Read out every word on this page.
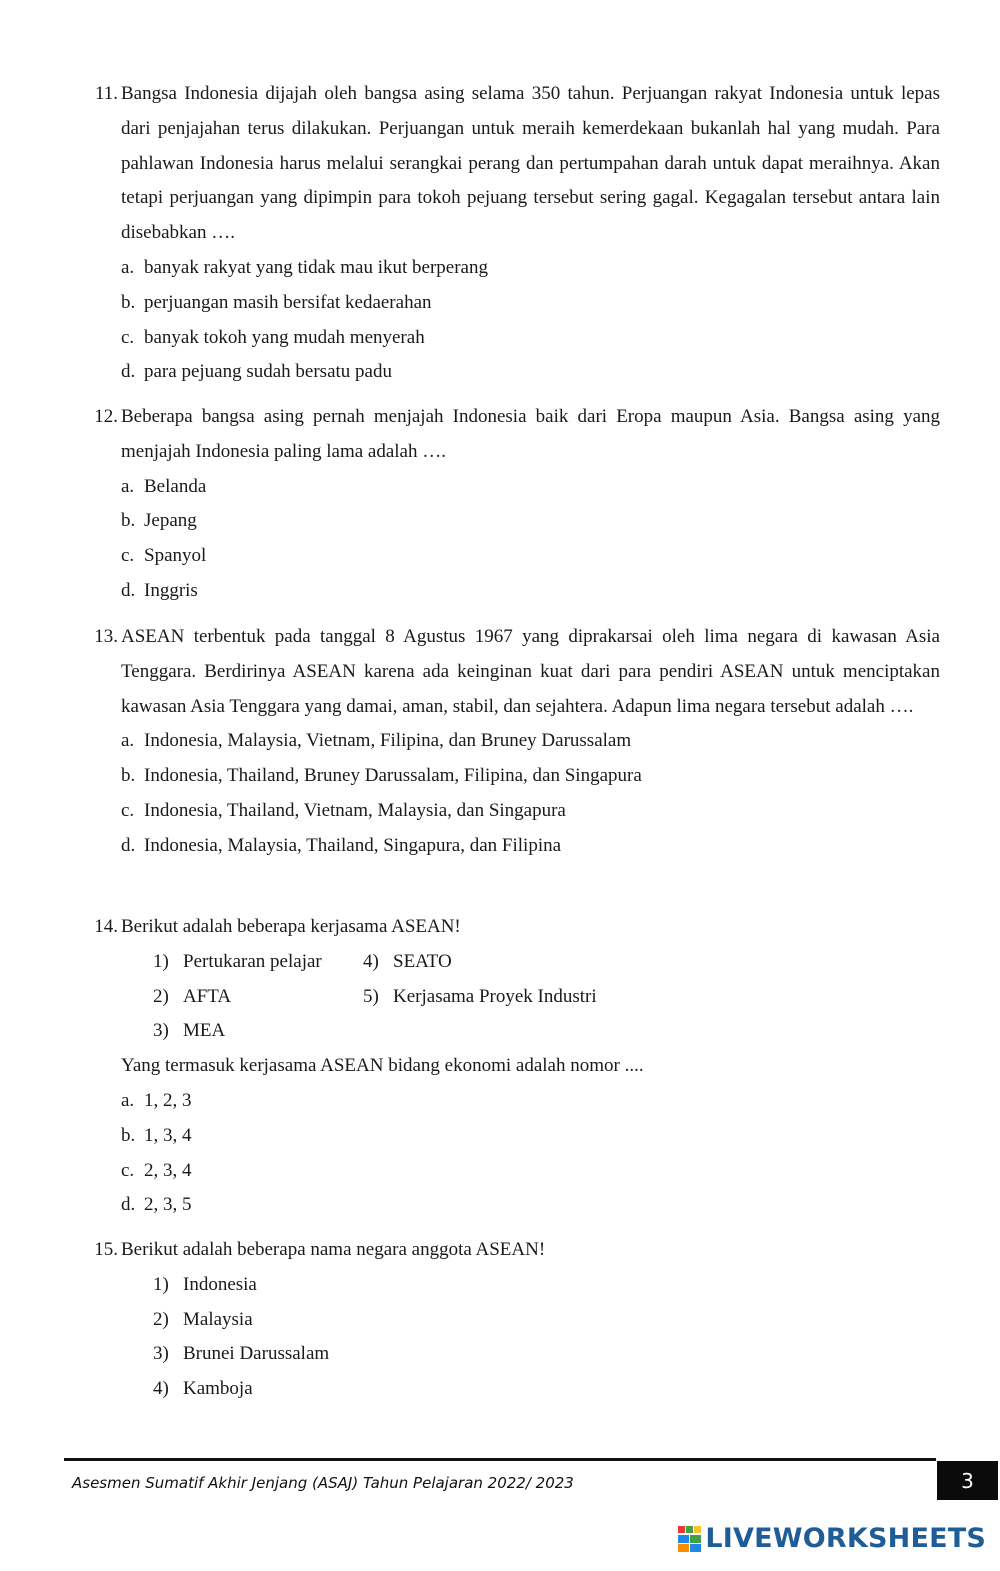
11. Bangsa Indonesia dijajah oleh bangsa asing selama 350 tahun. Perjuangan rakyat Indonesia untuk lepas dari penjajahan terus dilakukan. Perjuangan untuk meraih kemerdekaan bukanlah hal yang mudah. Para pahlawan Indonesia harus melalui serangkai perang dan pertumpahan darah untuk dapat meraihnya. Akan tetapi perjuangan yang dipimpin para tokoh pejuang tersebut sering gagal. Kegagalan tersebut antara lain disebabkan ….

a. banyak rakyat yang tidak mau ikut berperang
b. perjuangan masih bersifat kedaerahan
c. banyak tokoh yang mudah menyerah
d. para pejuang sudah bersatu padu
12. Beberapa bangsa asing pernah menjajah Indonesia baik dari Eropa maupun Asia. Bangsa asing yang menjajah Indonesia paling lama adalah ….

a. Belanda
b. Jepang
c. Spanyol
d. Inggris
13. ASEAN terbentuk pada tanggal 8 Agustus 1967 yang diprakarsai oleh lima negara di kawasan Asia Tenggara. Berdirinya ASEAN karena ada keinginan kuat dari para pendiri ASEAN untuk menciptakan kawasan Asia Tenggara yang damai, aman, stabil, dan sejahtera. Adapun lima negara tersebut adalah ….

a. Indonesia, Malaysia, Vietnam, Filipina, dan Bruney Darussalam
b. Indonesia, Thailand, Bruney Darussalam, Filipina, dan Singapura
c. Indonesia, Thailand, Vietnam, Malaysia, dan Singapura
d. Indonesia, Malaysia, Thailand, Singapura, dan Filipina
14. Berikut adalah beberapa kerjasama ASEAN!

1) Pertukaran pelajar 4) SEATO
2) AFTA	5) Kerjasama Proyek Industri
3) MEA
Yang termasuk kerjasama ASEAN bidang ekonomi adalah nomor ....
a. 1, 2, 3
b. 1, 3, 4
c. 2, 3, 4
d. 2, 3, 5
15. Berikut adalah beberapa nama negara anggota ASEAN!

1) Indonesia
2) Malaysia
3) Brunei Darussalam
4) Kamboja
Asesmen Sumatif Akhir Jenjang (ASAJ) Tahun Pelajaran 2022/ 2023	3
LIVEWORKSHEETS
